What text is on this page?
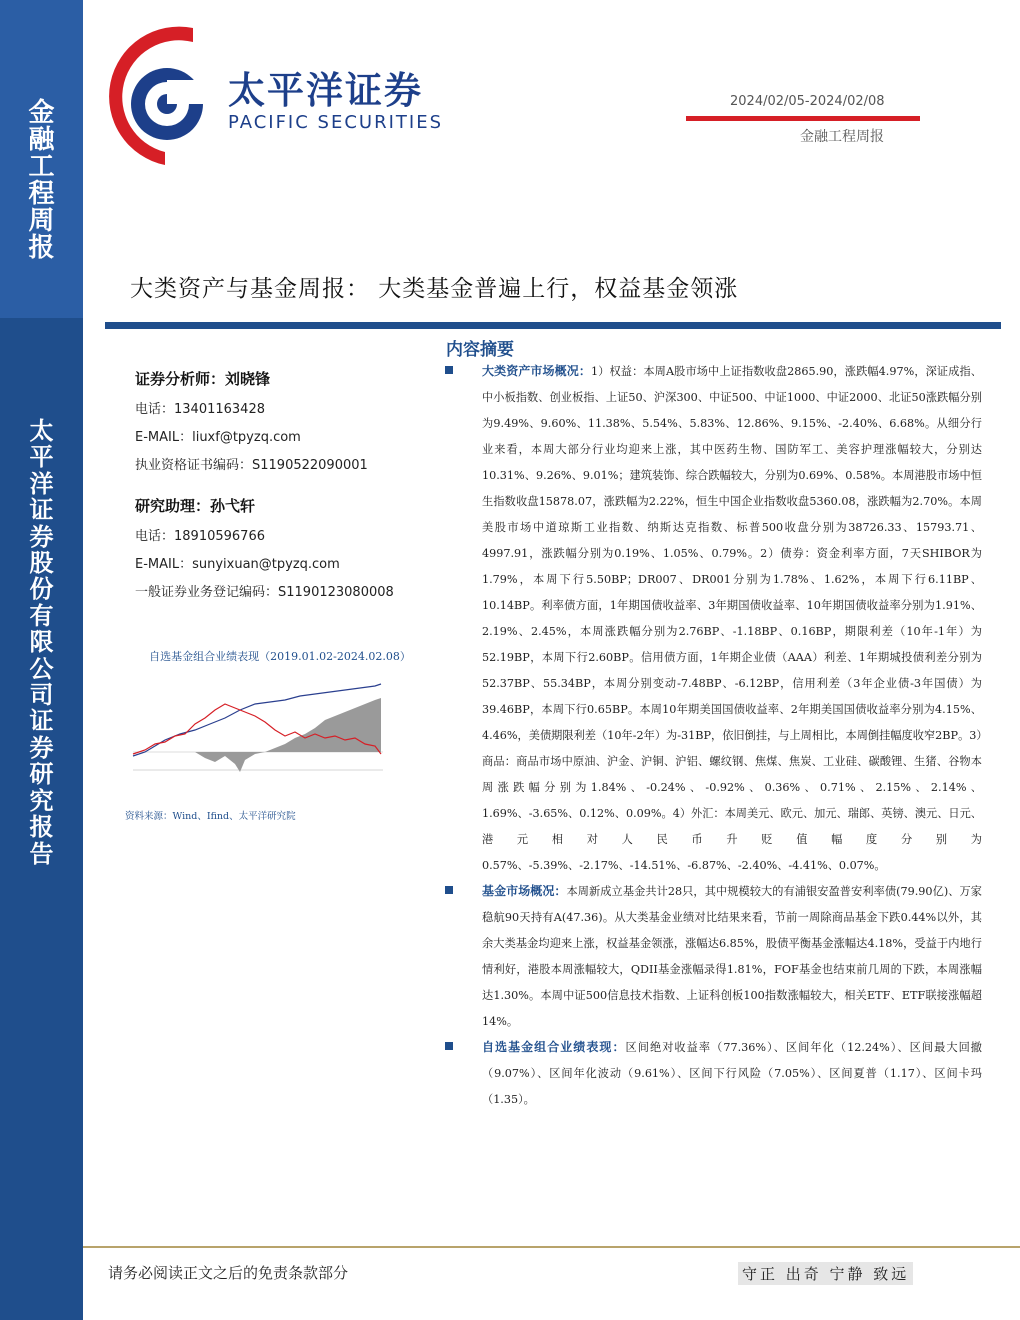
金
融
工
程
周
报
太
平
洋
证
券
股
份
有
限
公
司
证
券
研
究
报
告
太平洋证券
PACIFIC SECURITIES
2024/02/05-2024/02/08
金融工程周报
大类资产与基金周报： 大类基金普遍上行，权益基金领涨
证券分析师：刘晓锋
电话：13401163428
E-MAIL：liuxf@tpyzq.com
执业资格证书编码：S1190522090001
研究助理：孙弋轩
电话：18910596766
E-MAIL：sunyixuan@tpyzq.com
一般证券业务登记编码：S1190123080008
自选基金组合业绩表现（2019.01.02-2024.02.08）
资料来源：Wind、Ifind、太平洋研究院
内容摘要
大类资产市场概况：1）权益：本周A股市场中上证指数收盘2865.90，涨跌幅4.97%，深证成指、中小板指数、创业板指、上证50、沪深300、中证500、中证1000、中证2000、北证50涨跌幅分别为9.49%、9.60%、11.38%、5.54%、5.83%、12.86%、9.15%、-2.40%、6.68%。从细分行业来看，本周大部分行业均迎来上涨，其中医药生物、国防军工、美容护理涨幅较大，分别达10.31%、9.26%、9.01%；建筑装饰、综合跌幅较大，分别为0.69%、0.58%。本周港股市场中恒生指数收盘15878.07，涨跌幅为2.22%，恒生中国企业指数收盘5360.08，涨跌幅为2.70%。本周美股市场中道琼斯工业指数、纳斯达克指数、标普500收盘分别为38726.33、15793.71、4997.91，涨跌幅分别为0.19%、1.05%、0.79%。2）债券：资金利率方面，7天SHIBOR为1.79%，本周下行5.50BP；DR007、DR001分别为1.78%、1.62%，本周下行6.11BP、10.14BP。利率债方面，1年期国债收益率、3年期国债收益率、10年期国债收益率分别为1.91%、2.19%、2.45%，本周涨跌幅分别为2.76BP、-1.18BP、0.16BP，期限利差（10年-1年）为52.19BP，本周下行2.60BP。信用债方面，1年期企业债（AAA）利差、1年期城投债利差分别为52.37BP、55.34BP，本周分别变动-7.48BP、-6.12BP，信用利差（3年企业债-3年国债）为39.46BP，本周下行0.65BP。本周10年期美国国债收益率、2年期美国国债收益率分别为4.15%、4.46%，美债期限利差（10年-2年）为-31BP，依旧倒挂，与上周相比，本周倒挂幅度收窄2BP。3）商品：商品市场中原油、沪金、沪铜、沪铝、螺纹钢、焦煤、焦炭、工业硅、碳酸锂、生猪、谷物本周涨跌幅分别为1.84%、-0.24%、-0.92%、0.36%、0.71%、2.15%、2.14%、1.69%、-3.65%、0.12%、0.09%。4）外汇：本周美元、欧元、加元、瑞郎、英镑、澳元、日元、港元相对人民币升贬值幅度分别为0.57%、-5.39%、-2.17%、-14.51%、-6.87%、-2.40%、-4.41%、0.07%。
基金市场概况：本周新成立基金共计28只，其中规模较大的有浦银安盈普安利率债(79.90亿)、万家稳航90天持有A(47.36)。从大类基金业绩对比结果来看，节前一周除商品基金下跌0.44%以外，其余大类基金均迎来上涨，权益基金领涨，涨幅达6.85%，股债平衡基金涨幅达4.18%，受益于内地行情利好，港股本周涨幅较大，QDII基金涨幅录得1.81%，FOF基金也结束前几周的下跌，本周涨幅达1.30%。本周中证500信息技术指数、上证科创板100指数涨幅较大，相关ETF、ETF联接涨幅超14%。
自选基金组合业绩表现：区间绝对收益率（77.36%）、区间年化（12.24%）、区间最大回撤（9.07%）、区间年化波动（9.61%）、区间下行风险（7.05%）、区间夏普（1.17）、区间卡玛（1.35）。
请务必阅读正文之后的免责条款部分	守正 出奇 宁静 致远
